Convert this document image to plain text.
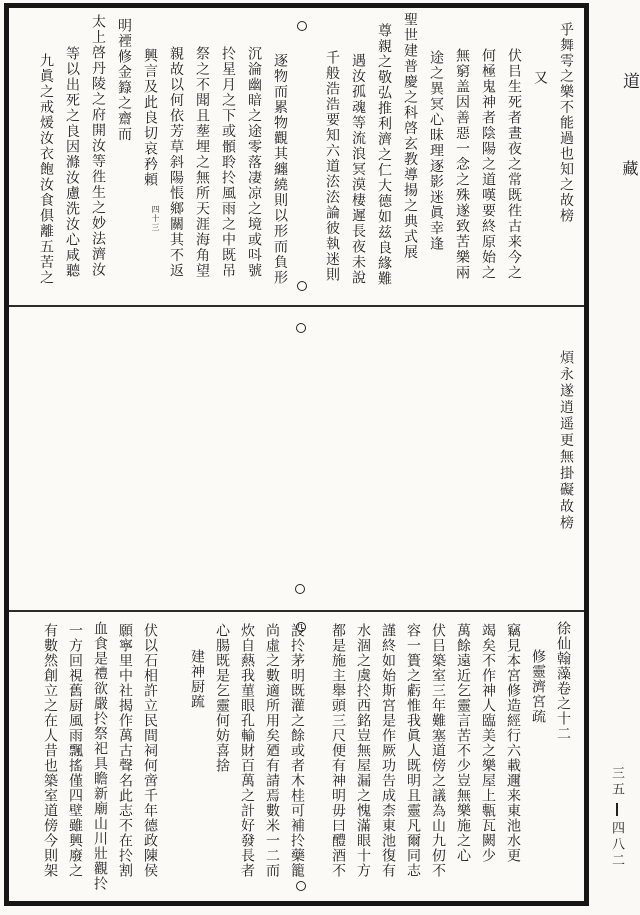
乎舞雩之樂不能過也知之故榜
又
伏㠯生死者晝夜之常既徃古来今之
何極鬼神者陰陽之道嘆要終原始之
無窮盖因善惡一念之殊遂致苦樂兩
途之異冥心昧理逐影迷眞幸逢
聖世建普慶之科啓玄教導揚之典式展
尊親之敬弘推利濟之仁大德如兹良緣難
遇汝孤魂等流浪冥漠棲遲長夜未說
千般浩浩要知六道㳒㳒論彼執迷則
逐物而累物觀其纏繞則以形而負形
沉淪幽暗之途零落凄凉之境或呌號
扵星月之下或顝聆扵風雨之中既吊
祭之不聞且塟埋之無所天涯海角望
親故以何依芳草斜陽悵鄉關其不返
興言及此良切哀矜頼
明禋修金籙之齋而
太上啓丹陵之府開汝等徃生之妙法濟汝
等以出死之良因滌汝慮洗汝心咸聽
九眞之戒煖汝衣飽汝食俱離五苦之
煩永遂逍遥更無掛礙故榜
徐仙翰藻卷之十二
修靈濟宮疏
竊見本宮修造經行六載邇来東池水更
竭矣不作神人臨美之樂屋上甎瓦闕少
萬餘遠近乞靈言苦不少豈無樂施之心
伏㠯築室三年難塞道傍之議為山九仞不
容一簣之虧惟我眞人既明且靈凡爾同志
謹終如始斯宮是作厥功告成柰東池復有
水涸之虞扵西銘豈無屋漏之愧滿眼十方
都是施主舉頭三尺便有神明毋曰醴酒不
設扵茅明既灌之餘或者木桂可補扵藥籠
尚虛之數適所用矣廼有請焉數米一二而
炊自爇我菫眼孔輸財百萬之計好發長者
心腸既是乞靈何妨喜捨
建神厨䟽
伏以石相許立民間祠何啻千年德政陳侯
願寧里中社揭作萬古聲名此志不在扵割
血食是禮欲嚴扵祭祀具瞻新廟山川壯觀扵
一方回視舊厨風雨飄搖僅四壁雖興廢之
有數然創立之在人昔也築室道傍今則架
四十三
道
藏
三五四八二
